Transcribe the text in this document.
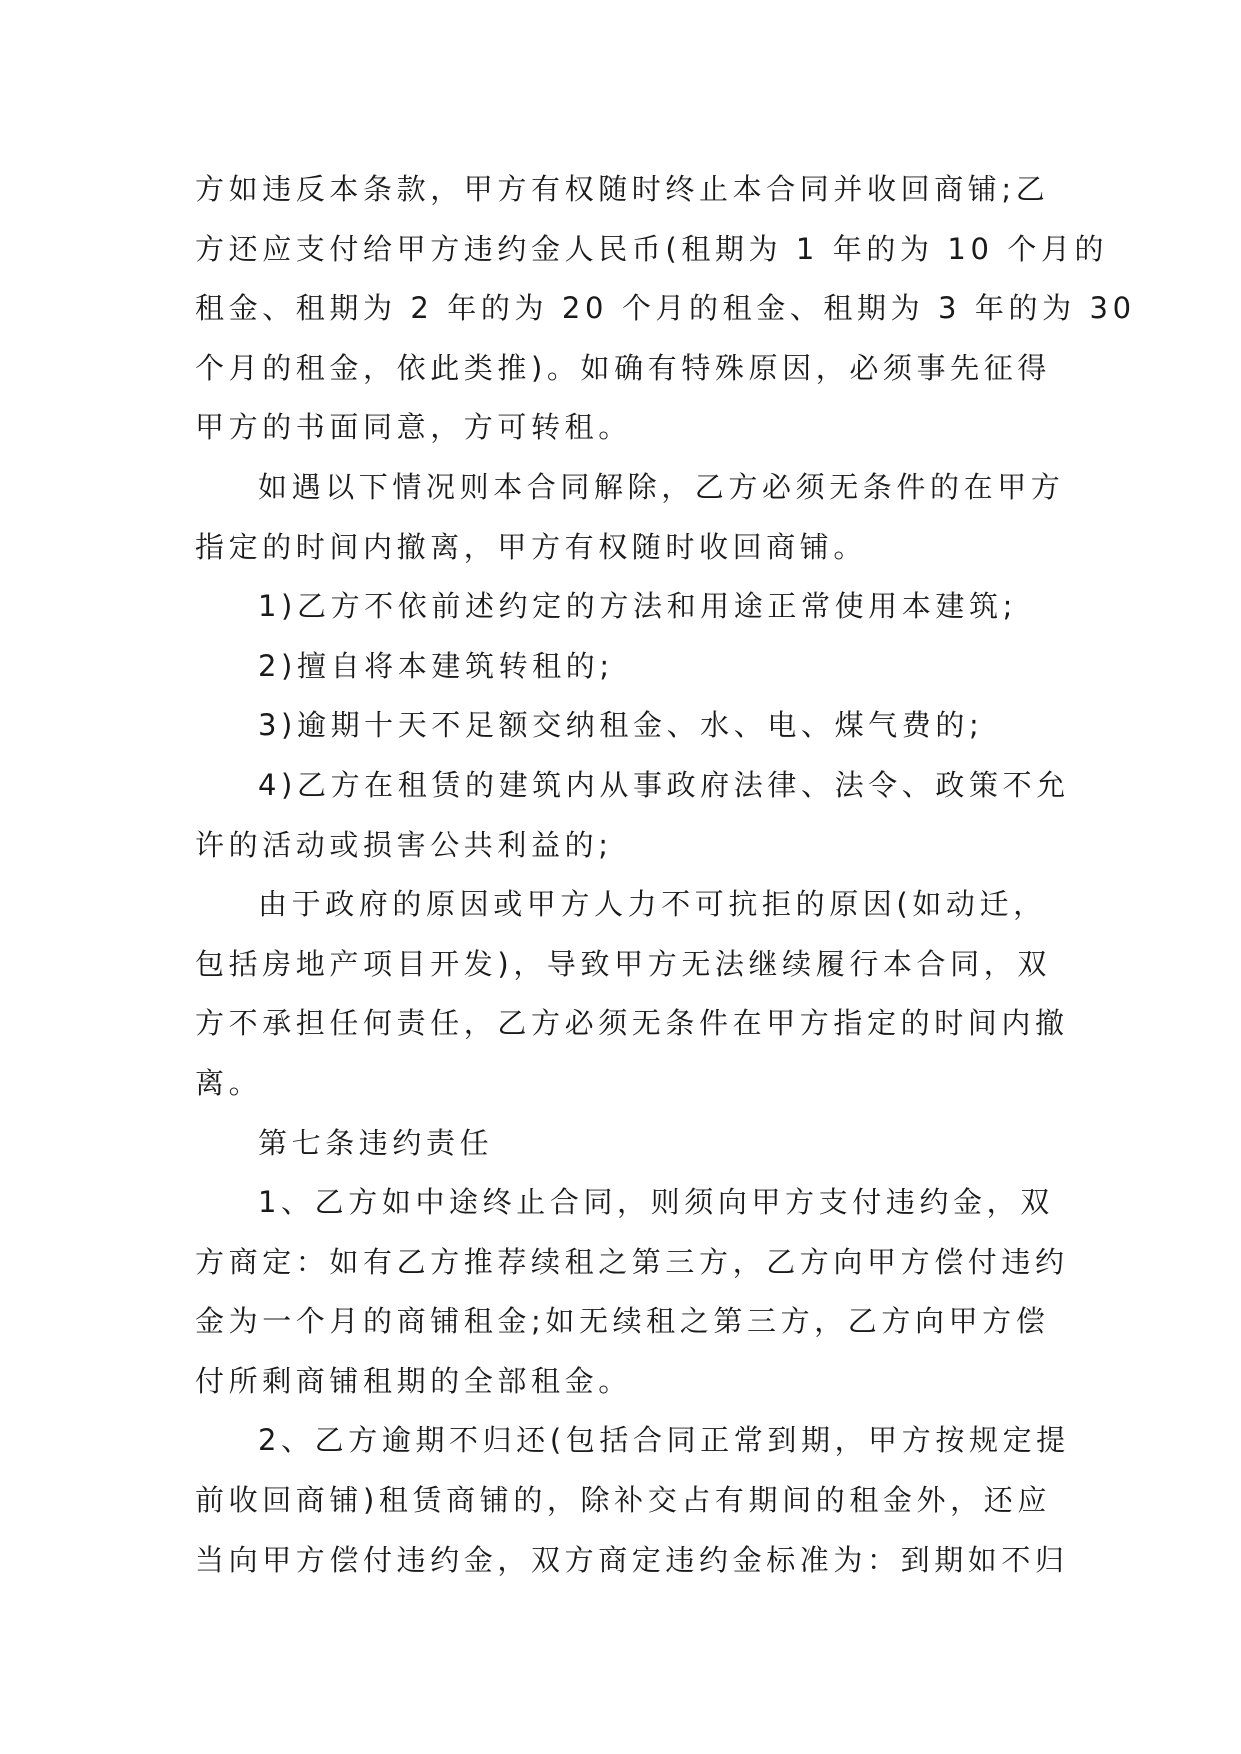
方如违反本条款，甲方有权随时终止本合同并收回商铺;乙
方还应支付给甲方违约金人民币(租期为 1 年的为 10 个月的
租金、租期为 2 年的为 20 个月的租金、租期为 3 年的为 30
个月的租金，依此类推)。如确有特殊原因，必须事先征得
甲方的书面同意，方可转租。
如遇以下情况则本合同解除，乙方必须无条件的在甲方
指定的时间内撤离，甲方有权随时收回商铺。
1)乙方不依前述约定的方法和用途正常使用本建筑;
2)擅自将本建筑转租的;
3)逾期十天不足额交纳租金、水、电、煤气费的;
4)乙方在租赁的建筑内从事政府法律、法令、政策不允
许的活动或损害公共利益的;
由于政府的原因或甲方人力不可抗拒的原因(如动迁，
包括房地产项目开发)，导致甲方无法继续履行本合同，双
方不承担任何责任，乙方必须无条件在甲方指定的时间内撤
离。
第七条违约责任
1、乙方如中途终止合同，则须向甲方支付违约金，双
方商定：如有乙方推荐续租之第三方，乙方向甲方偿付违约
金为一个月的商铺租金;如无续租之第三方，乙方向甲方偿
付所剩商铺租期的全部租金。
2、乙方逾期不归还(包括合同正常到期，甲方按规定提
前收回商铺)租赁商铺的，除补交占有期间的租金外，还应
当向甲方偿付违约金，双方商定违约金标准为：到期如不归
